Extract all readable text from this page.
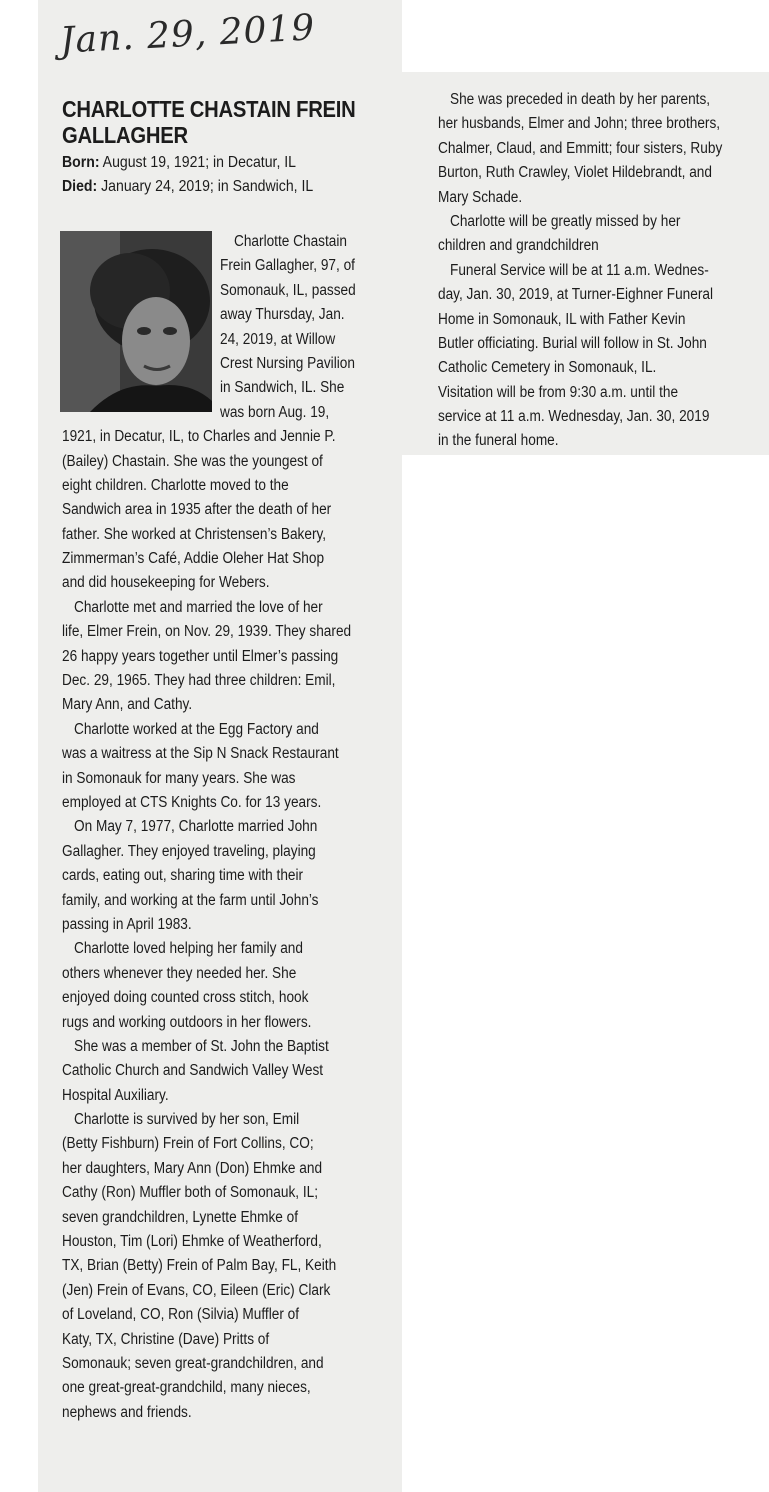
Jan. 29, 2019
CHARLOTTE CHASTAIN FREIN
GALLAGHER
Born: August 19, 1921; in Decatur, IL
Died: January 24, 2019; in Sandwich, IL
Charlotte Chastain
Frein Gallagher, 97, of
Somonauk, IL, passed
away Thursday, Jan.
24, 2019, at Willow
Crest Nursing Pavilion
in Sandwich, IL. She
was born Aug. 19,
1921, in Decatur, IL, to Charles and Jennie P.
(Bailey) Chastain. She was the youngest of
eight children. Charlotte moved to the
Sandwich area in 1935 after the death of her
father. She worked at Christensen’s Bakery,
Zimmerman’s Café, Addie Oleher Hat Shop
and did housekeeping for Webers.
Charlotte met and married the love of her
life, Elmer Frein, on Nov. 29, 1939. They shared
26 happy years together until Elmer’s passing
Dec. 29, 1965. They had three children: Emil,
Mary Ann, and Cathy.
Charlotte worked at the Egg Factory and
was a waitress at the Sip N Snack Restaurant
in Somonauk for many years. She was
employed at CTS Knights Co. for 13 years.
On May 7, 1977, Charlotte married John
Gallagher. They enjoyed traveling, playing
cards, eating out, sharing time with their
family, and working at the farm until John’s
passing in April 1983.
Charlotte loved helping her family and
others whenever they needed her. She
enjoyed doing counted cross stitch, hook
rugs and working outdoors in her flowers.
She was a member of St. John the Baptist
Catholic Church and Sandwich Valley West
Hospital Auxiliary.
Charlotte is survived by her son, Emil
(Betty Fishburn) Frein of Fort Collins, CO;
her daughters, Mary Ann (Don) Ehmke and
Cathy (Ron) Muffler both of Somonauk, IL;
seven grandchildren, Lynette Ehmke of
Houston, Tim (Lori) Ehmke of Weatherford,
TX, Brian (Betty) Frein of Palm Bay, FL, Keith
(Jen) Frein of Evans, CO, Eileen (Eric) Clark
of Loveland, CO, Ron (Silvia) Muffler of
Katy, TX, Christine (Dave) Pritts of
Somonauk; seven great-grandchildren, and
one great-great-grandchild, many nieces,
nephews and friends.
She was preceded in death by her parents,
her husbands, Elmer and John; three brothers,
Chalmer, Claud, and Emmitt; four sisters, Ruby
Burton, Ruth Crawley, Violet Hildebrandt, and
Mary Schade.
Charlotte will be greatly missed by her
children and grandchildren
Funeral Service will be at 11 a.m. Wednes-
day, Jan. 30, 2019, at Turner-Eighner Funeral
Home in Somonauk, IL with Father Kevin
Butler officiating. Burial will follow in St. John
Catholic Cemetery in Somonauk, IL.
Visitation will be from 9:30 a.m. until the
service at 11 a.m. Wednesday, Jan. 30, 2019
in the funeral home.
